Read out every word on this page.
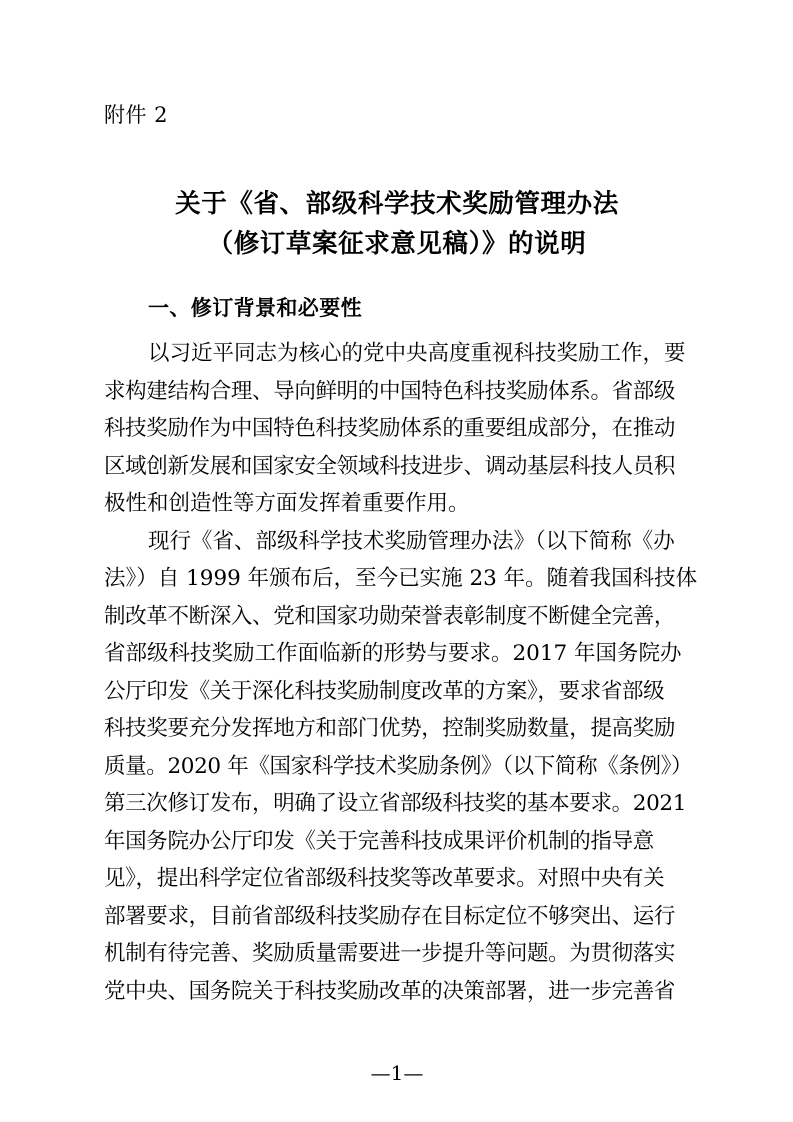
附件 2
关于《省、部级科学技术奖励管理办法
（修订草案征求意见稿）》的说明
一、修订背景和必要性
以习近平同志为核心的党中央高度重视科技奖励工作，要
求构建结构合理、导向鲜明的中国特色科技奖励体系。省部级
科技奖励作为中国特色科技奖励体系的重要组成部分，在推动
区域创新发展和国家安全领域科技进步、调动基层科技人员积
极性和创造性等方面发挥着重要作用。
现行《省、部级科学技术奖励管理办法》（以下简称《办
法》）自 1999 年颁布后，至今已实施 23 年。随着我国科技体
制改革不断深入、党和国家功勋荣誉表彰制度不断健全完善，
省部级科技奖励工作面临新的形势与要求。2017 年国务院办
公厅印发《关于深化科技奖励制度改革的方案》，要求省部级
科技奖要充分发挥地方和部门优势，控制奖励数量，提高奖励
质量。2020 年《国家科学技术奖励条例》（以下简称《条例》）
第三次修订发布，明确了设立省部级科技奖的基本要求。2021
年国务院办公厅印发《关于完善科技成果评价机制的指导意
见》，提出科学定位省部级科技奖等改革要求。对照中央有关
部署要求，目前省部级科技奖励存在目标定位不够突出、运行
机制有待完善、奖励质量需要进一步提升等问题。为贯彻落实
党中央、国务院关于科技奖励改革的决策部署，进一步完善省
—1—
